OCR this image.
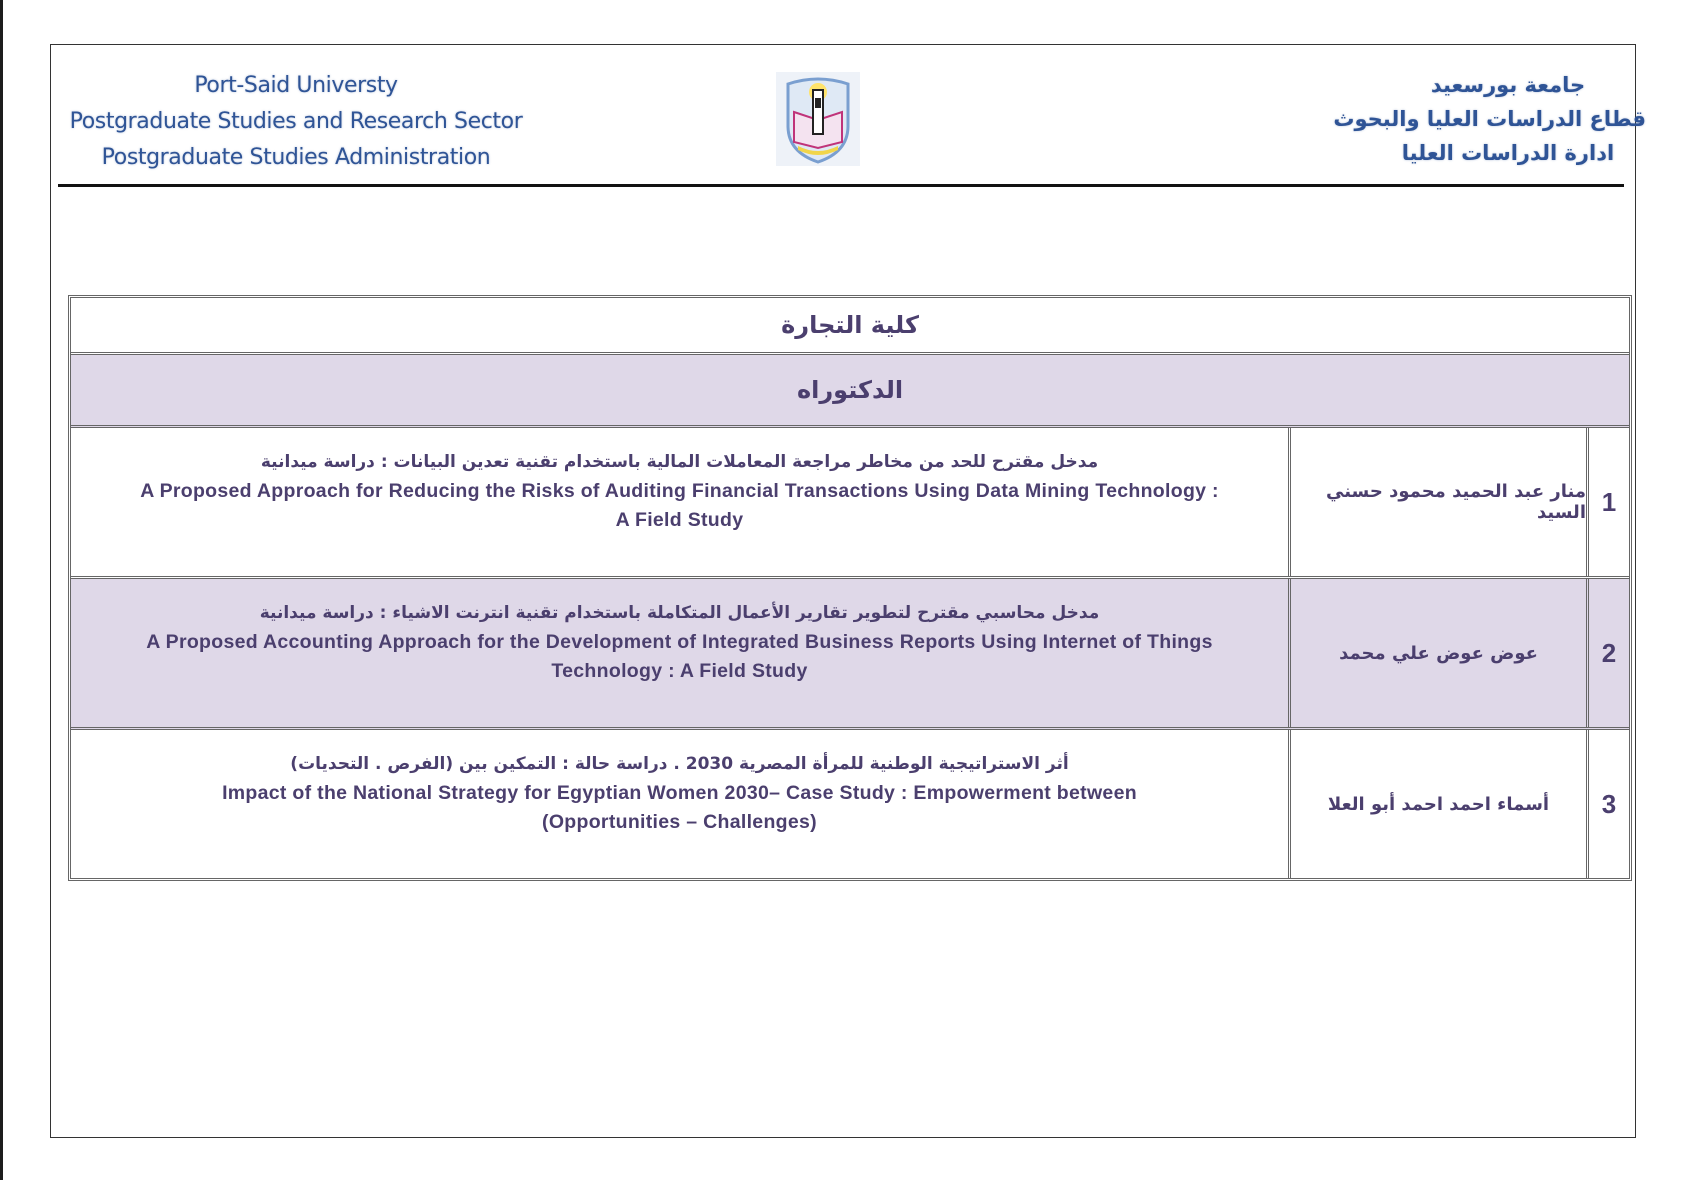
Port-Said Universty
Postgraduate Studies and Research Sector
Postgraduate Studies Administration
جامعة بورسعيد
قطاع الدراسات العليا والبحوث
ادارة الدراسات العليا
كلية التجارة
الدكتوراه
مدخل مقترح للحد من مخاطر مراجعة المعاملات المالية باستخدام تقنية تعدين البيانات : دراسة ميدانية
A Proposed Approach for Reducing the Risks of Auditing Financial Transactions Using Data Mining Technology :
A Field Study
منار عبد الحميد محمود حسني السيد 1
مدخل محاسبي مقترح لتطوير تقارير الأعمال المتكاملة باستخدام تقنية انترنت الاشياء : دراسة ميدانية
A Proposed Accounting Approach for the Development of Integrated Business Reports Using Internet of Things
Technology : A Field Study
عوض عوض علي محمد	2
أثر الاستراتيجية الوطنية للمرأة المصرية 2030 . دراسة حالة : التمكين بين (الفرص . التحديات)
Impact of the National Strategy for Egyptian Women 2030– Case Study : Empowerment between
(Opportunities – Challenges)
أسماء احمد احمد أبو العلا	3
